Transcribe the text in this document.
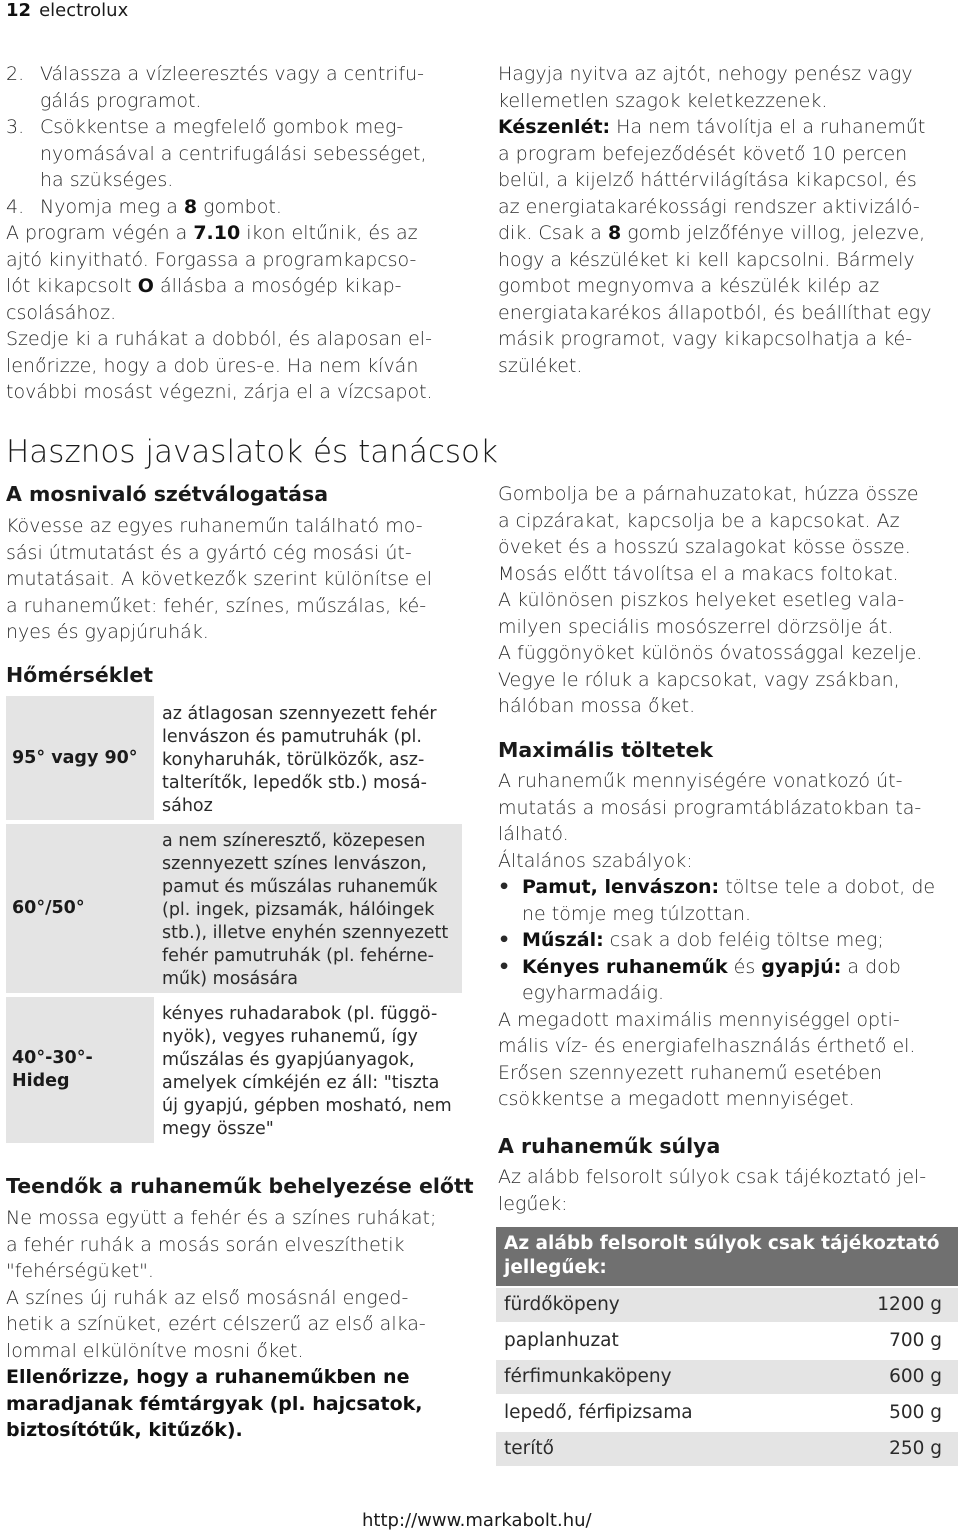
12 electrolux
2. Válassza a vízleeresztés vagy a centrifu-
gálás programot.
3. Csökkentse a megfelelő gombok meg-
nyomásával a centrifugálási sebességet,
ha szükséges.
4. Nyomja meg a 8 gombot.
A program végén a 7.10 ikon eltűnik, és az
ajtó kinyitható. Forgassa a programkapcso-
lót kikapcsolt O állásba a mosógép kikap-
csolásához.
Szedje ki a ruhákat a dobból, és alaposan el-
lenőrizze, hogy a dob üres-e. Ha nem kíván
további mosást végezni, zárja el a vízcsapot.
Hagyja nyitva az ajtót, nehogy penész vagy
kellemetlen szagok keletkezzenek.
Készenlét: Ha nem távolítja el a ruhaneműt
a program befejeződését követő 10 percen
belül, a kijelző háttérvilágítása kikapcsol, és
az energiatakarékossági rendszer aktivizáló-
dik. Csak a 8 gomb jelzőfénye villog, jelezve,
hogy a készüléket ki kell kapcsolni. Bármely
gombot megnyomva a készülék kilép az
energiatakarékos állapotból, és beállíthat egy
másik programot, vagy kikapcsolhatja a ké-
szüléket.
Hasznos javaslatok és tanácsok
A mosnivaló szétválogatása
Kövesse az egyes ruhaneműn található mo-
sási útmutatást és a gyártó cég mosási út-
mutatásait. A következők szerint különítse el
a ruhaneműket: fehér, színes, műszálas, ké-
nyes és gyapjúruhák.
Hőmérséklet
95° vagy 90°	az átlagosan szennyezett fehér lenvászon és pamutruhák (pl. konyharuhák, törülközők, asz-talterítők, lepedők stb.) mosá-sához
60°/50°	a nem színeresztő, közepesen szennyezett színes lenvászon, pamut és műszálas ruhaneműk (pl. ingek, pizsamák, hálóingek stb.), illetve enyhén szennyezett fehér pamutruhák (pl. fehérne-műk) mosására
40°-30°-
Hideg	kényes ruhadarabok (pl. függö-nyök), vegyes ruhanemű, így műszálas és gyapjúanyagok, amelyek címkéjén ez áll: "tiszta új gyapjú, gépben mosható, nem megy össze"
Teendők a ruhaneműk behelyezése előtt
Ne mossa együtt a fehér és a színes ruhákat;
a fehér ruhák a mosás során elveszíthetik
"fehérségüket".
A színes új ruhák az első mosásnál enged-
hetik a színüket, ezért célszerű az első alka-
lommal elkülönítve mosni őket.
Ellenőrizze, hogy a ruhaneműkben ne
maradjanak fémtárgyak (pl. hajcsatok,
biztosítótűk, kitűzők).
Gombolja be a párnahuzatokat, húzza össze
a cipzárakat, kapcsolja be a kapcsokat. Az
öveket és a hosszú szalagokat kösse össze.
Mosás előtt távolítsa el a makacs foltokat.
A különösen piszkos helyeket esetleg vala-
milyen speciális mosószerrel dörzsölje át.
A függönyöket különös óvatossággal kezelje.
Vegye le róluk a kapcsokat, vagy zsákban,
hálóban mossa őket.
Maximális töltetek
A ruhaneműk mennyiségére vonatkozó út-
mutatás a mosási programtáblázatokban ta-
lálható.
Általános szabályok:
• Pamut, lenvászon: töltse tele a dobot, de
ne tömje meg túlzottan.
• Műszál: csak a dob feléig töltse meg;
• Kényes ruhaneműk és gyapjú: a dob
egyharmadáig.
A megadott maximális mennyiséggel opti-
mális víz- és energiafelhasználás érthető el.
Erősen szennyezett ruhanemű esetében
csökkentse a megadott mennyiséget.
A ruhaneműk súlya
Az alább felsorolt súlyok csak tájékoztató jel-
legűek:
Az alább felsorolt súlyok csak tájékoztató
jellegűek:
fürdőköpeny	1200 g
paplanhuzat	700 g
férfimunkaköpeny	600 g
lepedő, férfipizsama	500 g
terítő	250 g
http://www.markabolt.hu/
